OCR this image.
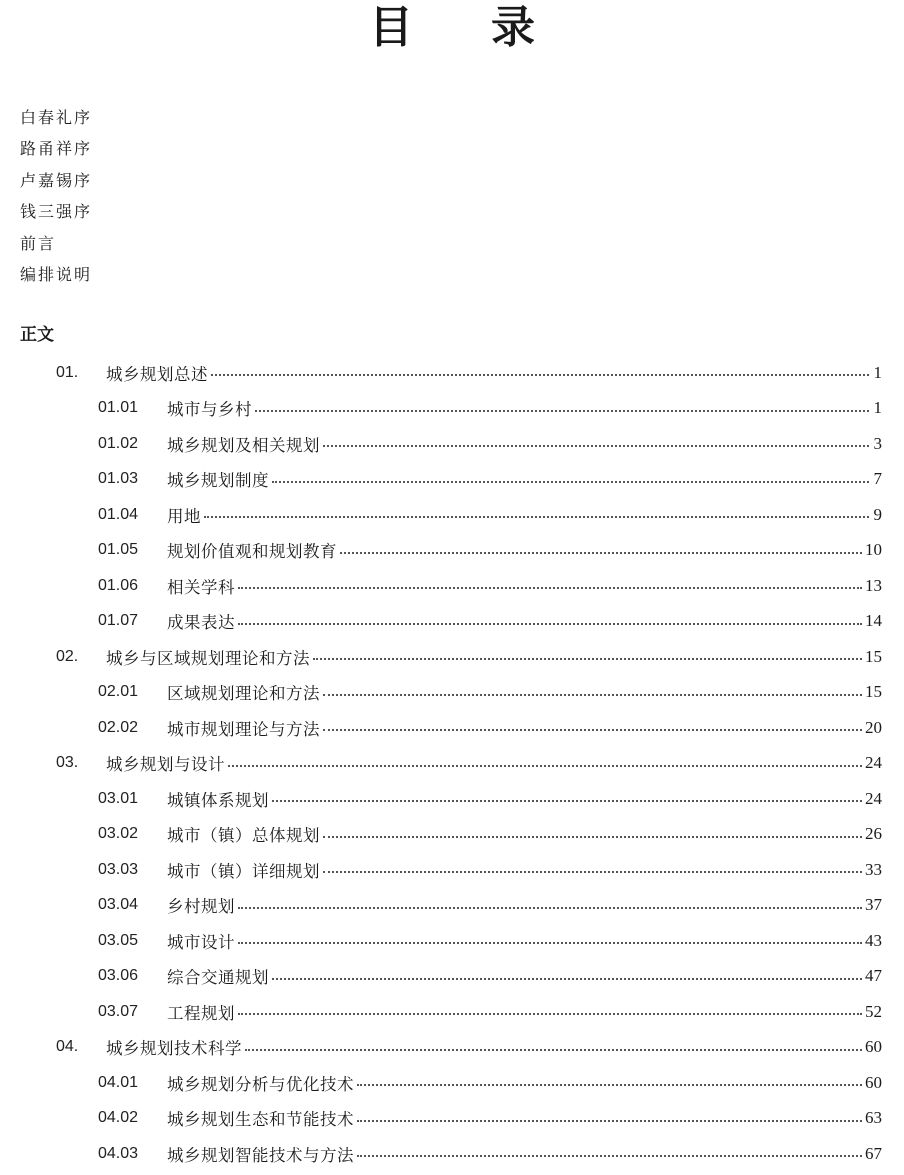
目 录
白春礼序
路甬祥序
卢嘉锡序
钱三强序
前言
编排说明
正文
01.	城乡规划总述	1
01.01	城市与乡村	1
01.02	城乡规划及相关规划	3
01.03	城乡规划制度	7
01.04	用地	9
01.05	规划价值观和规划教育	10
01.06	相关学科	13
01.07	成果表达	14
02.	城乡与区域规划理论和方法	15
02.01	区域规划理论和方法	15
02.02	城市规划理论与方法	20
03.	城乡规划与设计	24
03.01	城镇体系规划	24
03.02	城市（镇）总体规划	26
03.03	城市（镇）详细规划	33
03.04	乡村规划	37
03.05	城市设计	43
03.06	综合交通规划	47
03.07	工程规划	52
04.	城乡规划技术科学	60
04.01	城乡规划分析与优化技术	60
04.02	城乡规划生态和节能技术	63
04.03	城乡规划智能技术与方法	67
